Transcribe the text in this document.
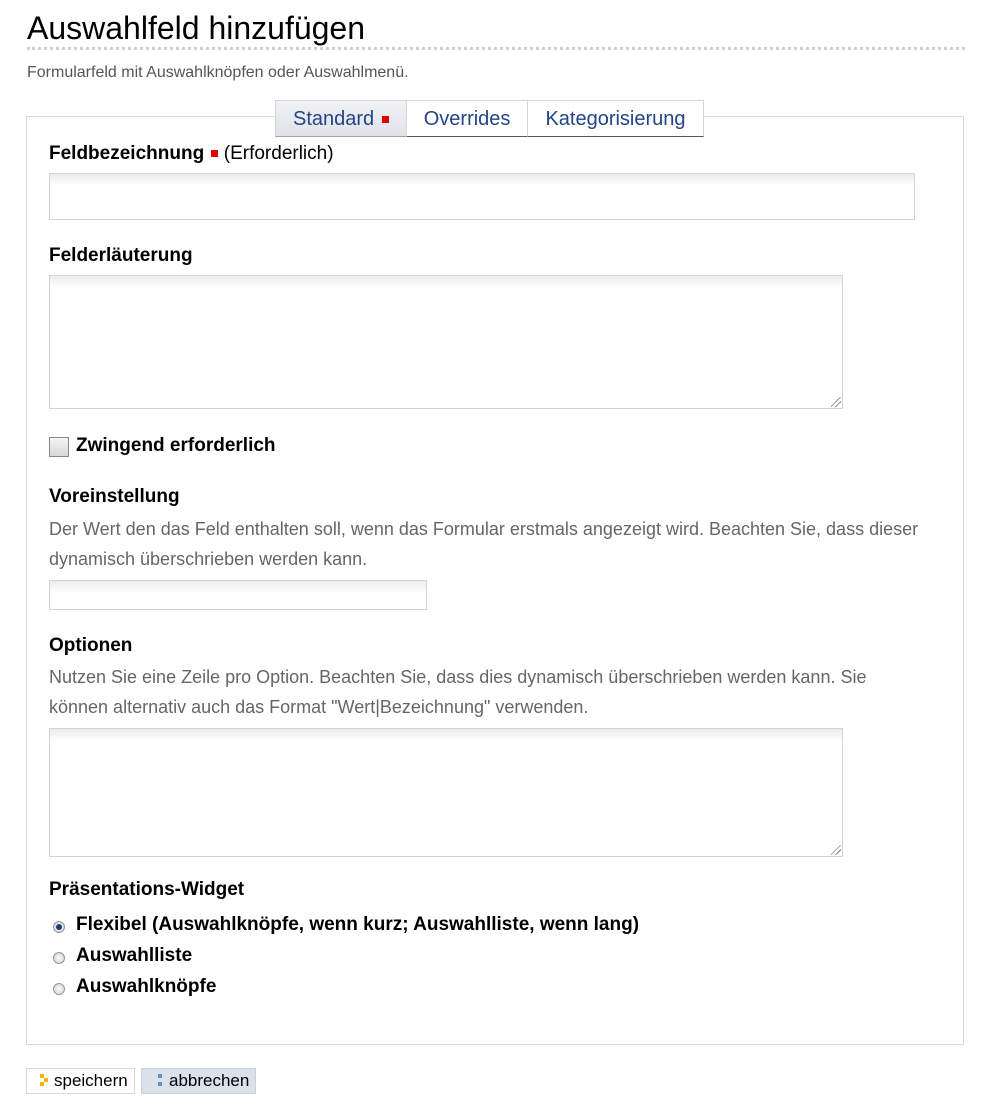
Auswahlfeld hinzufügen
Formularfeld mit Auswahlknöpfen oder Auswahlmenü.
Standard	Overrides	Kategorisierung
Feldbezeichnung (Erforderlich)
Felderläuterung
Zwingend erforderlich
Voreinstellung
Der Wert den das Feld enthalten soll, wenn das Formular erstmals angezeigt wird. Beachten Sie, dass dieser dynamisch überschrieben werden kann.
Optionen
Nutzen Sie eine Zeile pro Option. Beachten Sie, dass dies dynamisch überschrieben werden kann. Sie können alternativ auch das Format "Wert|Bezeichnung" verwenden.
Präsentations-Widget
Flexibel (Auswahlknöpfe, wenn kurz; Auswahlliste, wenn lang)
Auswahlliste
Auswahlknöpfe
speichern abbrechen
